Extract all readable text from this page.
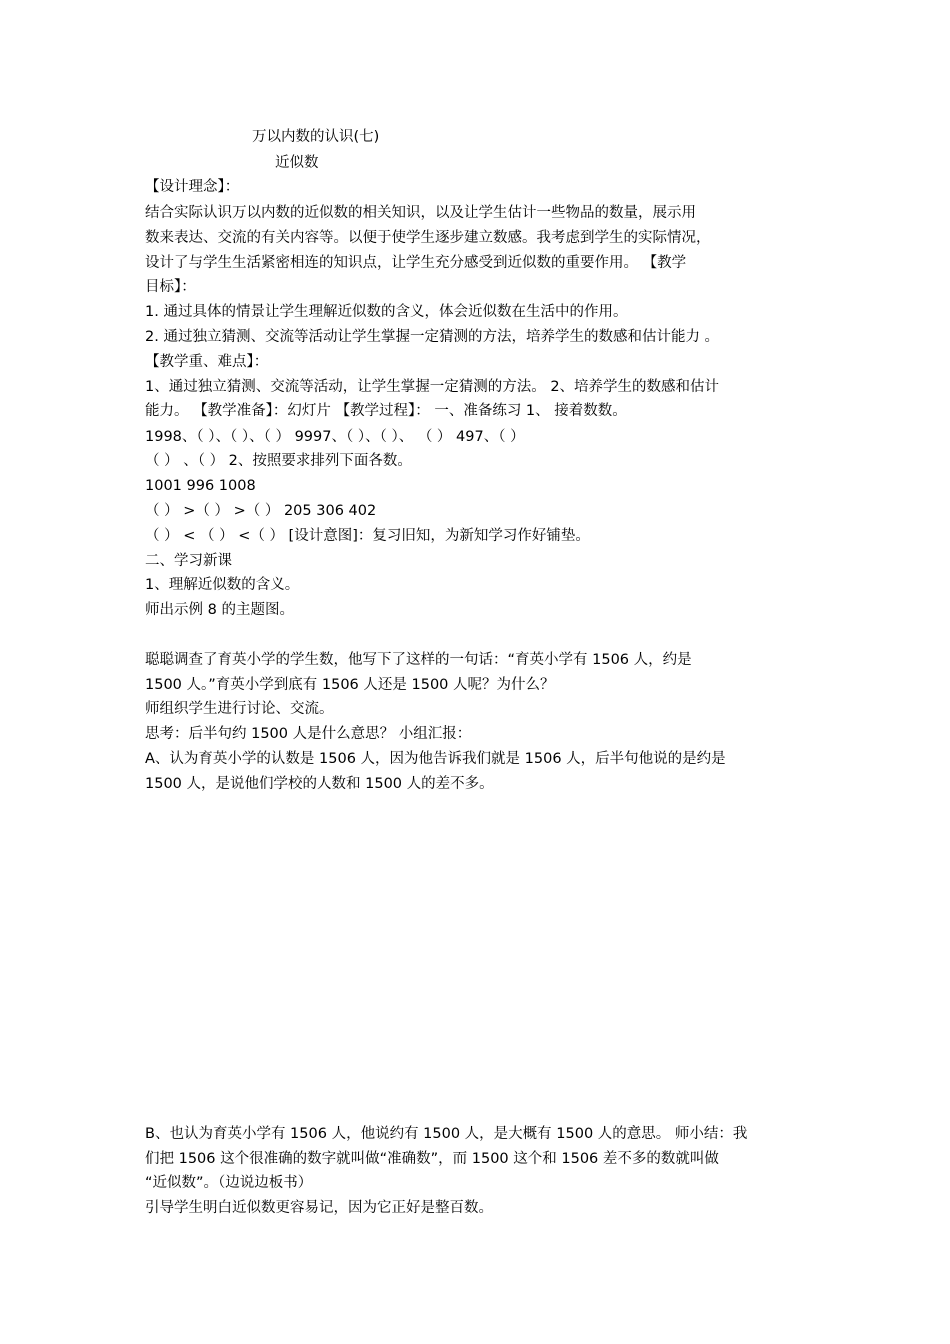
万以内数的认识(七)
近似数
【设计理念】：
结合实际认识万以内数的近似数的相关知识，以及让学生估计一些物品的数量，展示用
数来表达、交流的有关内容等。以便于使学生逐步建立数感。我考虑到学生的实际情况，
设计了与学生生活紧密相连的知识点，让学生充分感受到近似数的重要作用。 【教学
目标】：
1. 通过具体的情景让学生理解近似数的含义，体会近似数在生活中的作用。
2. 通过独立猜测、交流等活动让学生掌握一定猜测的方法，培养学生的数感和估计能力 。
【教学重、难点】：
1、通过独立猜测、交流等活动，让学生掌握一定猜测的方法。 2、培养学生的数感和估计
能力。 【教学准备】：幻灯片 【教学过程】： 一、准备练习 1、 接着数数。
1998、（ ）、（ ）、（ ） 9997、（ ）、（ ）、 （ ） 497、（ ）
（ ） 、（ ） 2、按照要求排列下面各数。
1001 996 1008
（ ） >（ ） >（ ） 205 306 402
（ ） < （ ） <（ ） [设计意图]：复习旧知，为新知学习作好铺垫。
二、学习新课
1、理解近似数的含义。
师出示例 8 的主题图。
聪聪调查了育英小学的学生数，他写下了这样的一句话：“育英小学有 1506 人，约是
1500 人。”育英小学到底有 1506 人还是 1500 人呢？为什么？
师组织学生进行讨论、交流。
思考：后半句约 1500 人是什么意思？ 小组汇报：
A、认为育英小学的认数是 1506 人，因为他告诉我们就是 1506 人，后半句他说的是约是
1500 人，是说他们学校的人数和 1500 人的差不多。
B、也认为育英小学有 1506 人，他说约有 1500 人，是大概有 1500 人的意思。 师小结：我
们把 1506 这个很准确的数字就叫做“准确数”，而 1500 这个和 1506 差不多的数就叫做
“近似数”。（边说边板书）
引导学生明白近似数更容易记，因为它正好是整百数。
